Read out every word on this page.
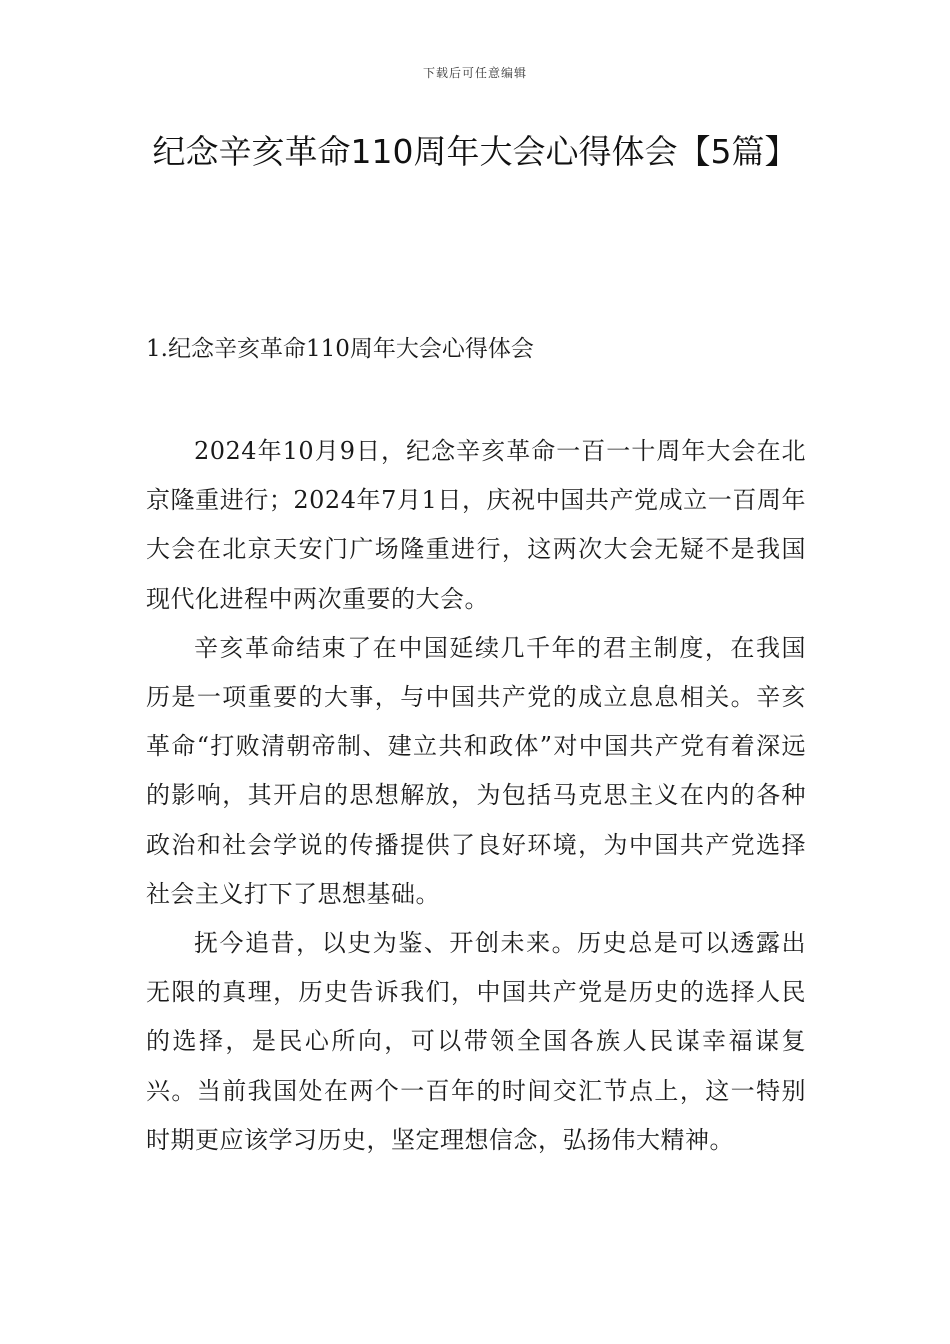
下载后可任意编辑
纪念辛亥革命110周年大会心得体会【5篇】
1.纪念辛亥革命110周年大会心得体会

2024年10月9日，纪念辛亥革命一百一十周年大会在北京隆重进行；2024年7月1日，庆祝中国共产党成立一百周年大会在北京天安门广场隆重进行，这两次大会无疑不是我国现代化进程中两次重要的大会。

辛亥革命结束了在中国延续几千年的君主制度，在我国历是一项重要的大事，与中国共产党的成立息息相关。辛亥革命“打败清朝帝制、建立共和政体”对中国共产党有着深远的影响，其开启的思想解放，为包括马克思主义在内的各种政治和社会学说的传播提供了良好环境，为中国共产党选择社会主义打下了思想基础。

抚今追昔，以史为鉴、开创未来。历史总是可以透露出无限的真理，历史告诉我们，中国共产党是历史的选择人民的选择，是民心所向，可以带领全国各族人民谋幸福谋复兴。当前我国处在两个一百年的时间交汇节点上，这一特别时期更应该学习历史，坚定理想信念，弘扬伟大精神。
